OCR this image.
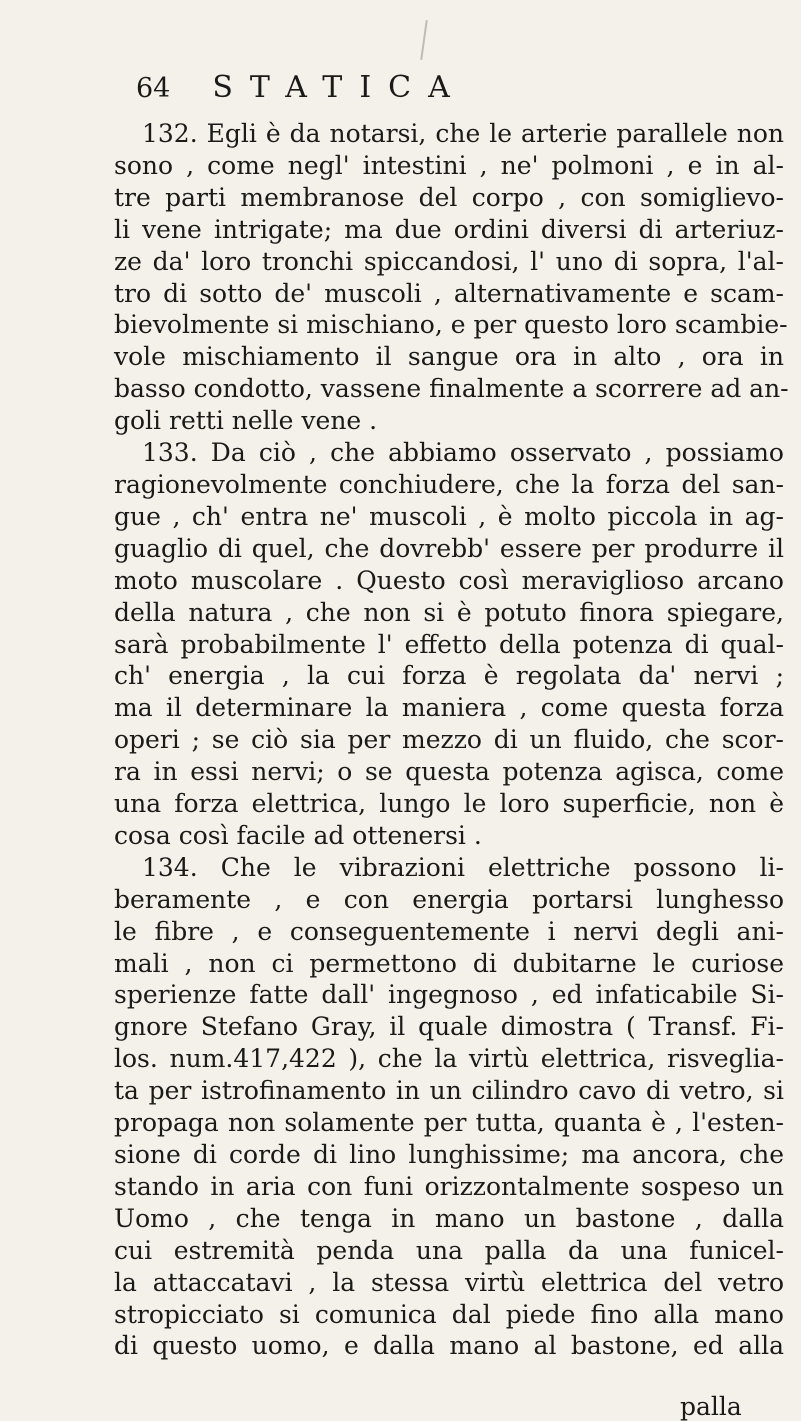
64 STATICA
132. Egli è da notarsi, che le arterie parallele non
sono , come negl' intestini , ne' polmoni , e in al-
tre parti membranose del corpo , con somiglievo-
li vene intrigate; ma due ordini diversi di arteriuz-
ze da' loro tronchi spiccandosi, l' uno di sopra, l'al-
tro di sotto de' muscoli , alternativamente e scam-
bievolmente si mischiano, e per questo loro scambie-
vole mischiamento il sangue ora in alto , ora in
basso condotto, vassene finalmente a scorrere ad an-
goli retti nelle vene .
133. Da ciò , che abbiamo osservato , possiamo
ragionevolmente conchiudere, che la forza del san-
gue , ch' entra ne' muscoli , è molto piccola in ag-
guaglio di quel, che dovrebb' essere per produrre il
moto muscolare . Questo così meraviglioso arcano
della natura , che non si è potuto finora spiegare,
sarà probabilmente l' effetto della potenza di qual-
ch' energia , la cui forza è regolata da' nervi ;
ma il determinare la maniera , come questa forza
operi ; se ciò sia per mezzo di un fluido, che scor-
ra in essi nervi; o se questa potenza agisca, come
una forza elettrica, lungo le loro superficie, non è
cosa così facile ad ottenersi .
134. Che le vibrazioni elettriche possono li-
beramente , e con energia portarsi lunghesso
le fibre , e conseguentemente i nervi degli ani-
mali , non ci permettono di dubitarne le curiose
sperienze fatte dall' ingegnoso , ed infaticabile Si-
gnore Stefano Gray, il quale dimostra ( Transf. Fi-
los. num.417,422 ), che la virtù elettrica, risveglia-
ta per istrofinamento in un cilindro cavo di vetro, si
propaga non solamente per tutta, quanta è , l'esten-
sione di corde di lino lunghissime; ma ancora, che
stando in aria con funi orizzontalmente sospeso un
Uomo , che tenga in mano un bastone , dalla
cui estremità penda una palla da una funicel-
la attaccatavi , la stessa virtù elettrica del vetro
stropicciato si comunica dal piede fino alla mano
di questo uomo, e dalla mano al bastone, ed alla
palla
